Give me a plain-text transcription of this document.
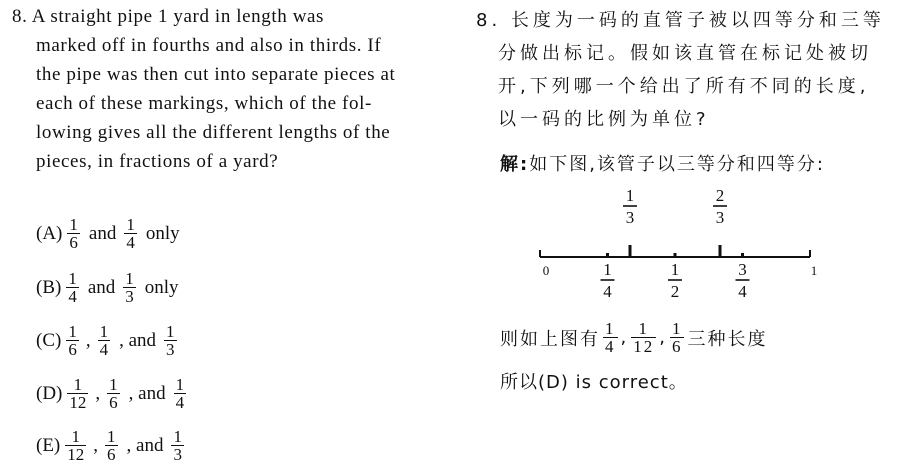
8. A straight pipe 1 yard in length was
marked off in fourths and also in thirds. If
the pipe was then cut into separate pieces at
each of these markings, which of the fol-
lowing gives all the different lengths of the
pieces, in fractions of a yard?
$(A) \frac{1}{6}$ and $\frac{1}{4}$ only
$(B) \frac{1}{4}$ and $\frac{1}{3}$ only
$(C) \frac{1}{6}$ , $\frac{1}{4}$ , and $\frac{1}{3}$
$(D) \frac{1}{12}$ , $\frac{1}{6}$ , and $\frac{1}{4}$
$(E) \frac{1}{12}$ , $\frac{1}{6}$ , and $\frac{1}{3}$
8. 长度为一码的直管子被以四等分和三等
分做出标记。假如该直管在标记处被切
开,下列哪一个给出了所有不同的长度,
以一码的比例为单位?
解:如下图,该管子以三等分和四等分:
0	1
1
3
2
3
1
4
1
2
3
4
则如上图有 $\frac{1}{4}$ , $\frac{1}{12}$ , $\frac{1}{6}$ 三种长度
所以(D) is correct。
